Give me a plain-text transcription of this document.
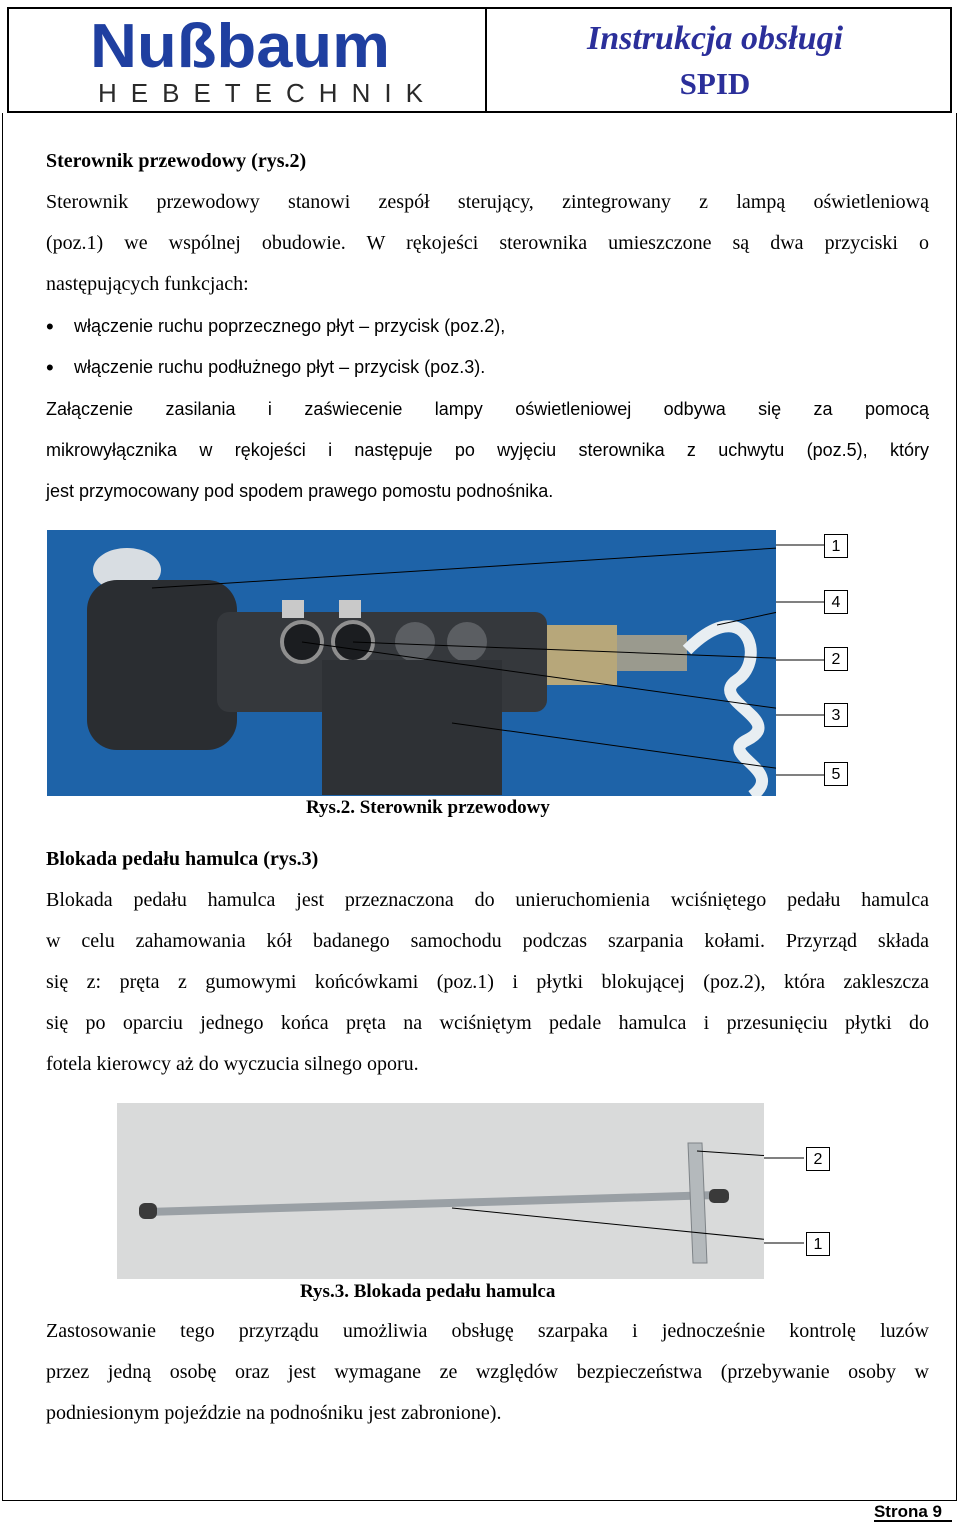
Nußbaum
HEBETECHNIK
Instrukcja obsługi
SPID
Sterownik przewodowy (rys.2)
Sterownik przewodowy stanowi zespół sterujący, zintegrowany z lampą oświetleniową
(poz.1) we wspólnej obudowie. W rękojeści sterownika umieszczone są dwa przyciski o
następujących funkcjach:
• włączenie ruchu poprzecznego płyt – przycisk (poz.2),
• włączenie ruchu podłużnego płyt – przycisk (poz.3).
Załączenie zasilania i zaświecenie lampy oświetleniowej odbywa się za pomocą
mikrowyłącznika w rękojeści i następuje po wyjęciu sterownika z uchwytu (poz.5), który
jest przymocowany pod spodem prawego pomostu podnośnika.
1
4
2
3
5
Rys.2. Sterownik przewodowy
Blokada pedału hamulca (rys.3)
Blokada pedału hamulca jest przeznaczona do unieruchomienia wciśniętego pedału hamulca
w celu zahamowania kół badanego samochodu podczas szarpania kołami. Przyrząd składa
się z: pręta z gumowymi końcówkami (poz.1) i płytki blokującej (poz.2), która zakleszcza
się po oparciu jednego końca pręta na wciśniętym pedale hamulca i przesunięciu płytki do
fotela kierowcy aż do wyczucia silnego oporu.
2
1
Rys.3. Blokada pedału hamulca
Zastosowanie tego przyrządu umożliwia obsługę szarpaka i jednocześnie kontrolę luzów
przez jedną osobę oraz jest wymagane ze względów bezpieczeństwa (przebywanie osoby w
podniesionym pojeździe na podnośniku jest zabronione).
Strona 9
